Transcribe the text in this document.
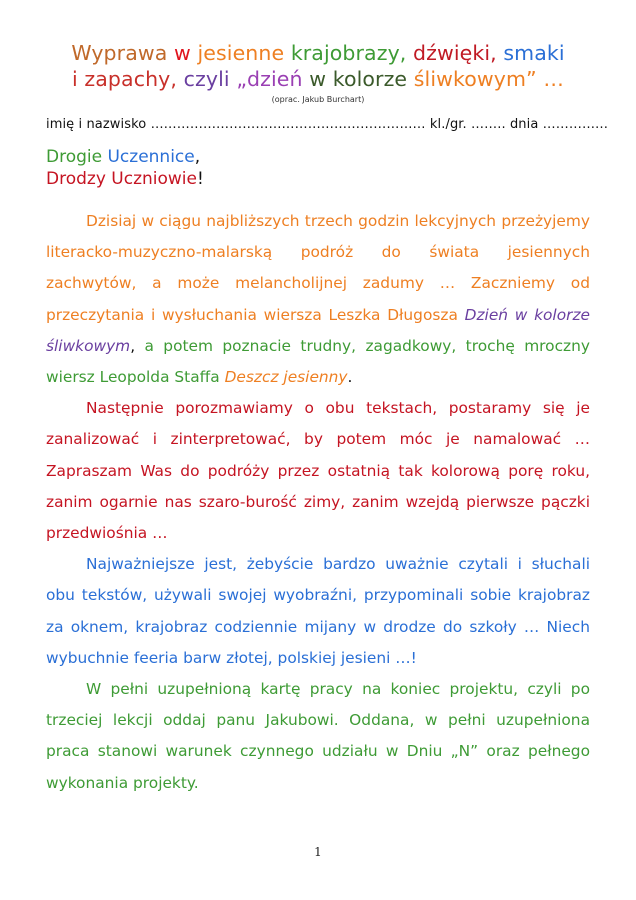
Wyprawa w jesienne krajobrazy, dźwięki, smaki
i zapachy, czyli „dzień w kolorze śliwkowym” …
(oprac. Jakub Burchart)
imię i nazwisko ……………………………………………………… kl./gr. …….. dnia ……………
Drogie Uczennice,
Drodzy Uczniowie!

Dzisiaj w ciągu najbliższych trzech godzin lekcyjnych przeżyjemy literacko-muzyczno-malarską podróż do świata jesiennych zachwytów, a może melancholijnej zadumy … Zaczniemy od przeczytania i wysłuchania wiersza Leszka Długosza Dzień w kolorze śliwkowym, a potem poznacie trudny, zagadkowy, trochę mroczny wiersz Leopolda Staffa Deszcz jesienny.

Następnie porozmawiamy o obu tekstach, postaramy się je zanalizować i zinterpretować, by potem móc je namalować … Zapraszam Was do podróży przez ostatnią tak kolorową porę roku, zanim ogarnie nas szaro-burość zimy, zanim wzejdą pierwsze pączki przedwiośnia …

Najważniejsze jest, żebyście bardzo uważnie czytali i słuchali obu tekstów, używali swojej wyobraźni, przypominali sobie krajobraz za oknem, krajobraz codziennie mijany w drodze do szkoły … Niech wybuchnie feeria barw złotej, polskiej jesieni …!

W pełni uzupełnioną kartę pracy na koniec projektu, czyli po trzeciej lekcji oddaj panu Jakubowi. Oddana, w pełni uzupełniona praca stanowi warunek czynnego udziału w Dniu „N” oraz pełnego wykonania projekty.

1
